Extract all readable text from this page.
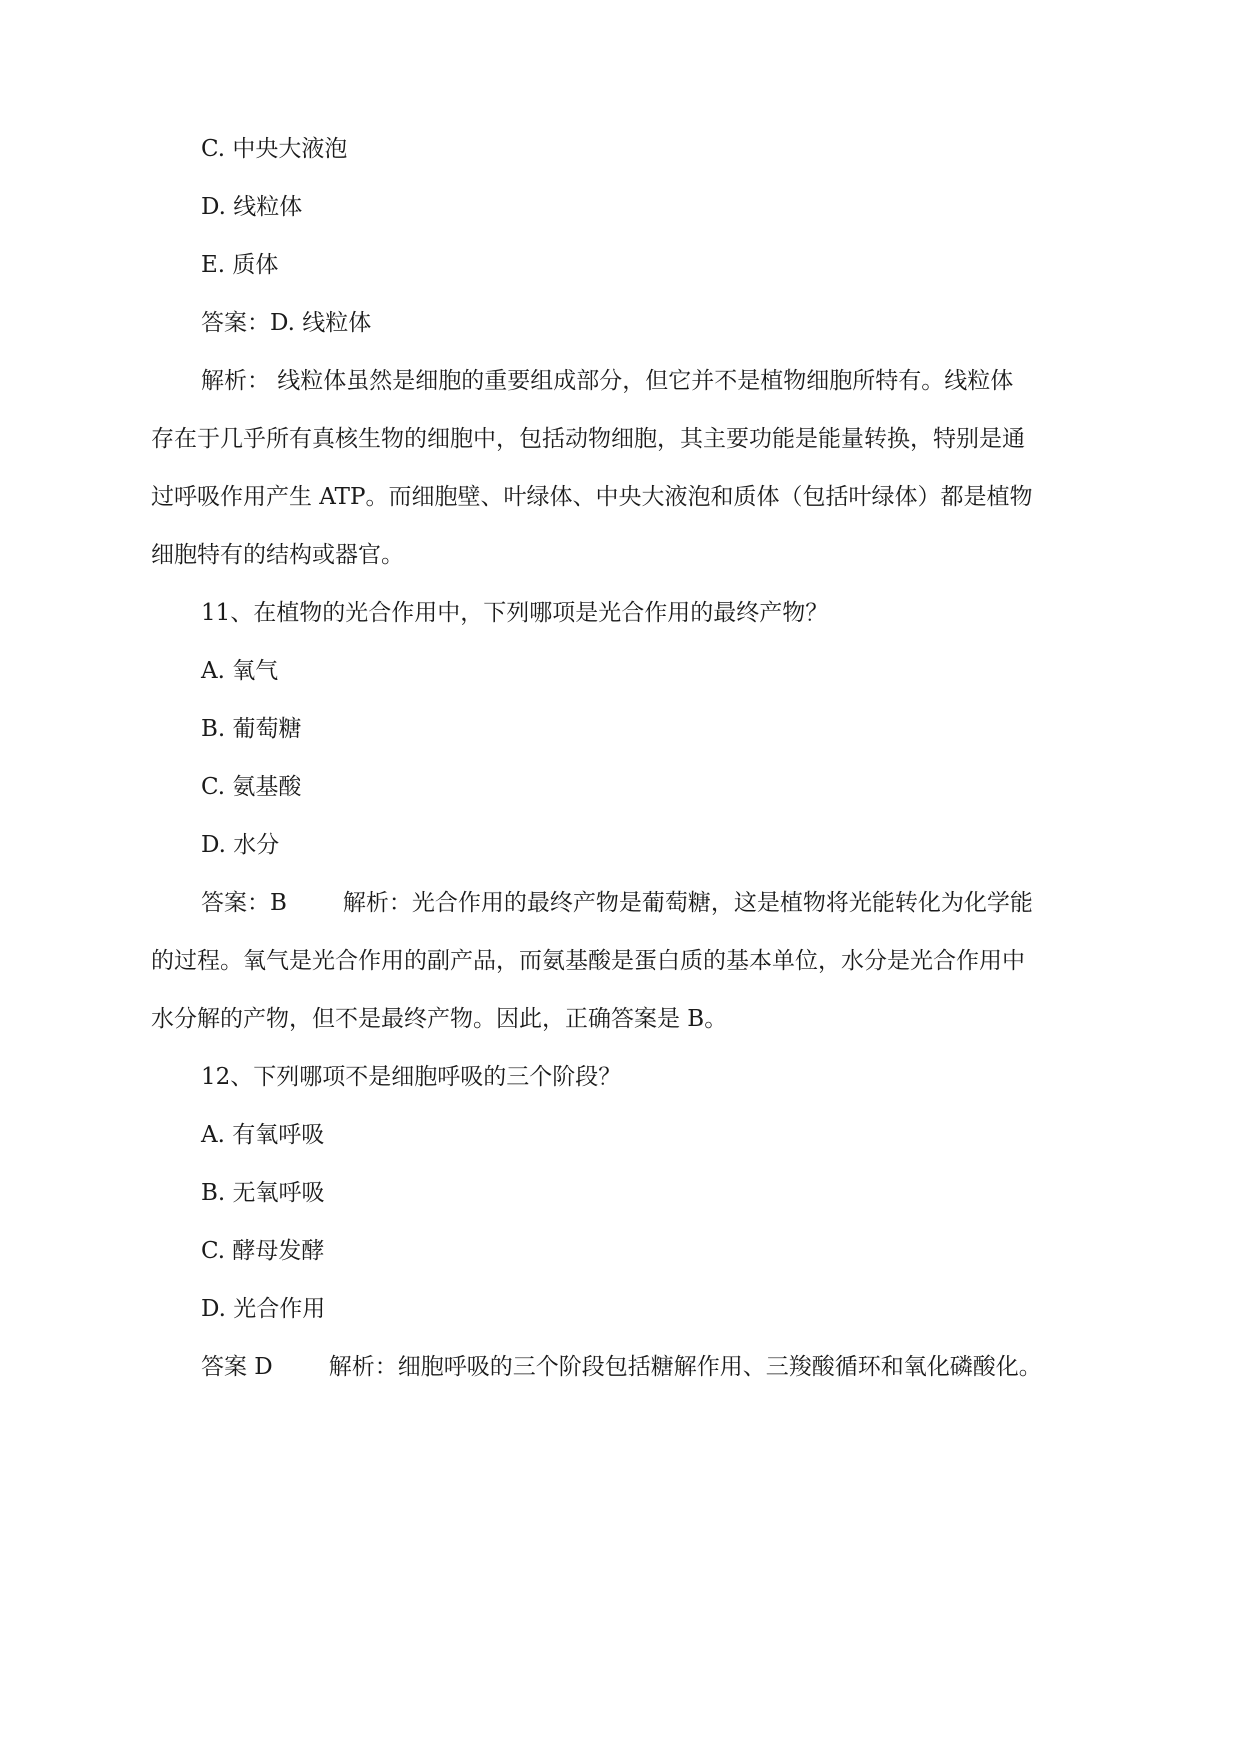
C. 中央大液泡
D. 线粒体
E. 质体
答案：D. 线粒体
解析： 线粒体虽然是细胞的重要组成部分，但它并不是植物细胞所特有。线粒体
存在于几乎所有真核生物的细胞中，包括动物细胞，其主要功能是能量转换，特别是通
过呼吸作用产生 ATP。而细胞壁、叶绿体、中央大液泡和质体（包括叶绿体）都是植物
细胞特有的结构或器官。
11、在植物的光合作用中，下列哪项是光合作用的最终产物？
A. 氧气
B. 葡萄糖
C. 氨基酸
D. 水分
答案：B 解析：光合作用的最终产物是葡萄糖，这是植物将光能转化为化学能
的过程。氧气是光合作用的副产品，而氨基酸是蛋白质的基本单位，水分是光合作用中
水分解的产物，但不是最终产物。因此，正确答案是 B。
12、下列哪项不是细胞呼吸的三个阶段？
A. 有氧呼吸
B. 无氧呼吸
C. 酵母发酵
D. 光合作用
答案 D 解析：细胞呼吸的三个阶段包括糖解作用、三羧酸循环和氧化磷酸化。
